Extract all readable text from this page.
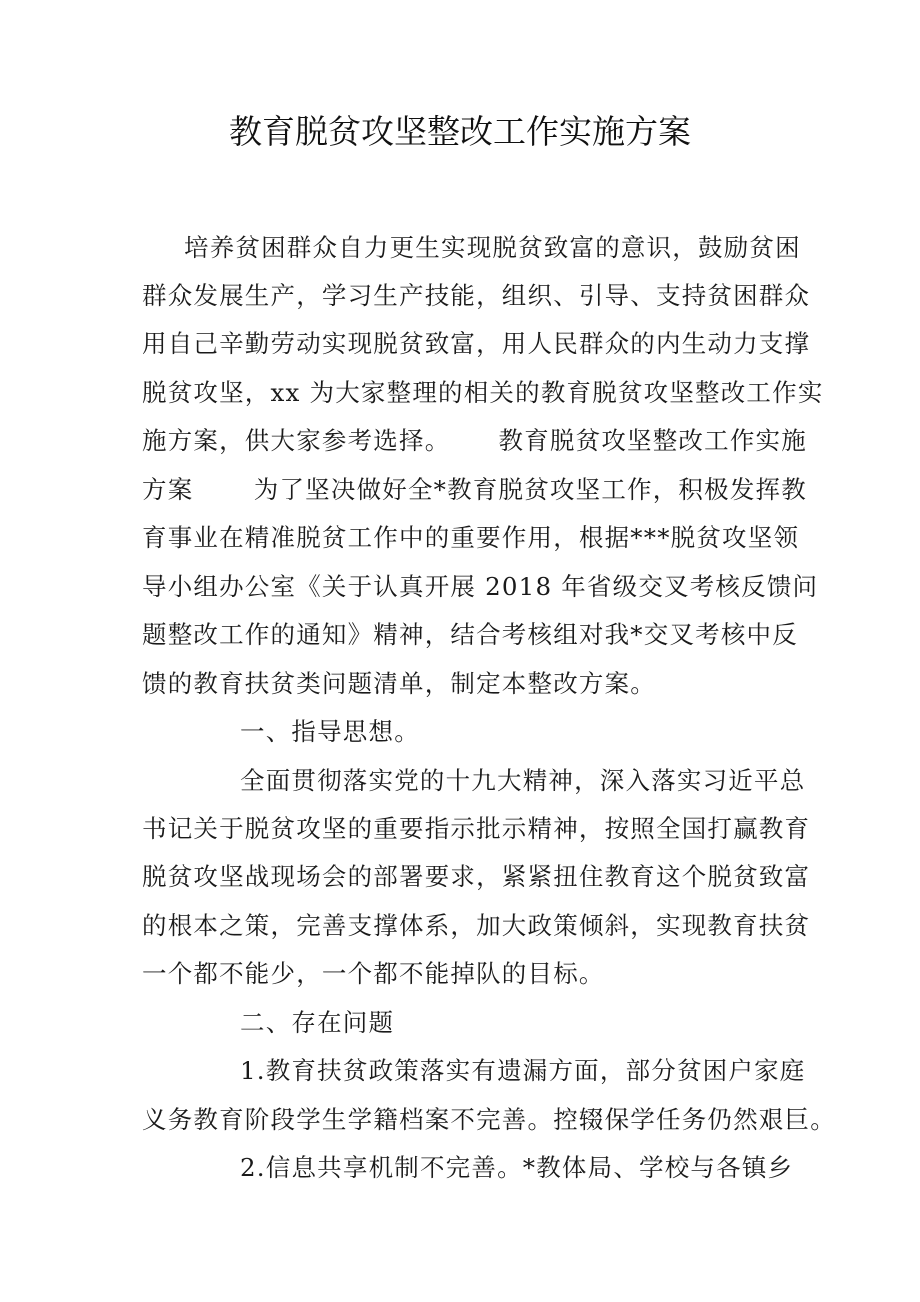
教育脱贫攻坚整改工作实施方案
培养贫困群众自力更生实现脱贫致富的意识，鼓励贫困
群众发展生产，学习生产技能，组织、引导、支持贫困群众
用自己辛勤劳动实现脱贫致富，用人民群众的内生动力支撑
脱贫攻坚，xx 为大家整理的相关的教育脱贫攻坚整改工作实
施方案，供大家参考选择。　　 教育脱贫攻坚整改工作实施
方案　　 为了坚决做好全*教育脱贫攻坚工作，积极发挥教
育事业在精准脱贫工作中的重要作用，根据***脱贫攻坚领
导小组办公室《关于认真开展 2018 年省级交叉考核反馈问
题整改工作的通知》精神，结合考核组对我*交叉考核中反
馈的教育扶贫类问题清单，制定本整改方案。
一、指导思想。
全面贯彻落实党的十九大精神，深入落实习近平总
书记关于脱贫攻坚的重要指示批示精神，按照全国打赢教育
脱贫攻坚战现场会的部署要求，紧紧扭住教育这个脱贫致富
的根本之策，完善支撑体系，加大政策倾斜，实现教育扶贫
一个都不能少，一个都不能掉队的目标。
二、存在问题
1.教育扶贫政策落实有遗漏方面，部分贫困户家庭
义务教育阶段学生学籍档案不完善。控辍保学任务仍然艰巨。
2.信息共享机制不完善。*教体局、学校与各镇乡
